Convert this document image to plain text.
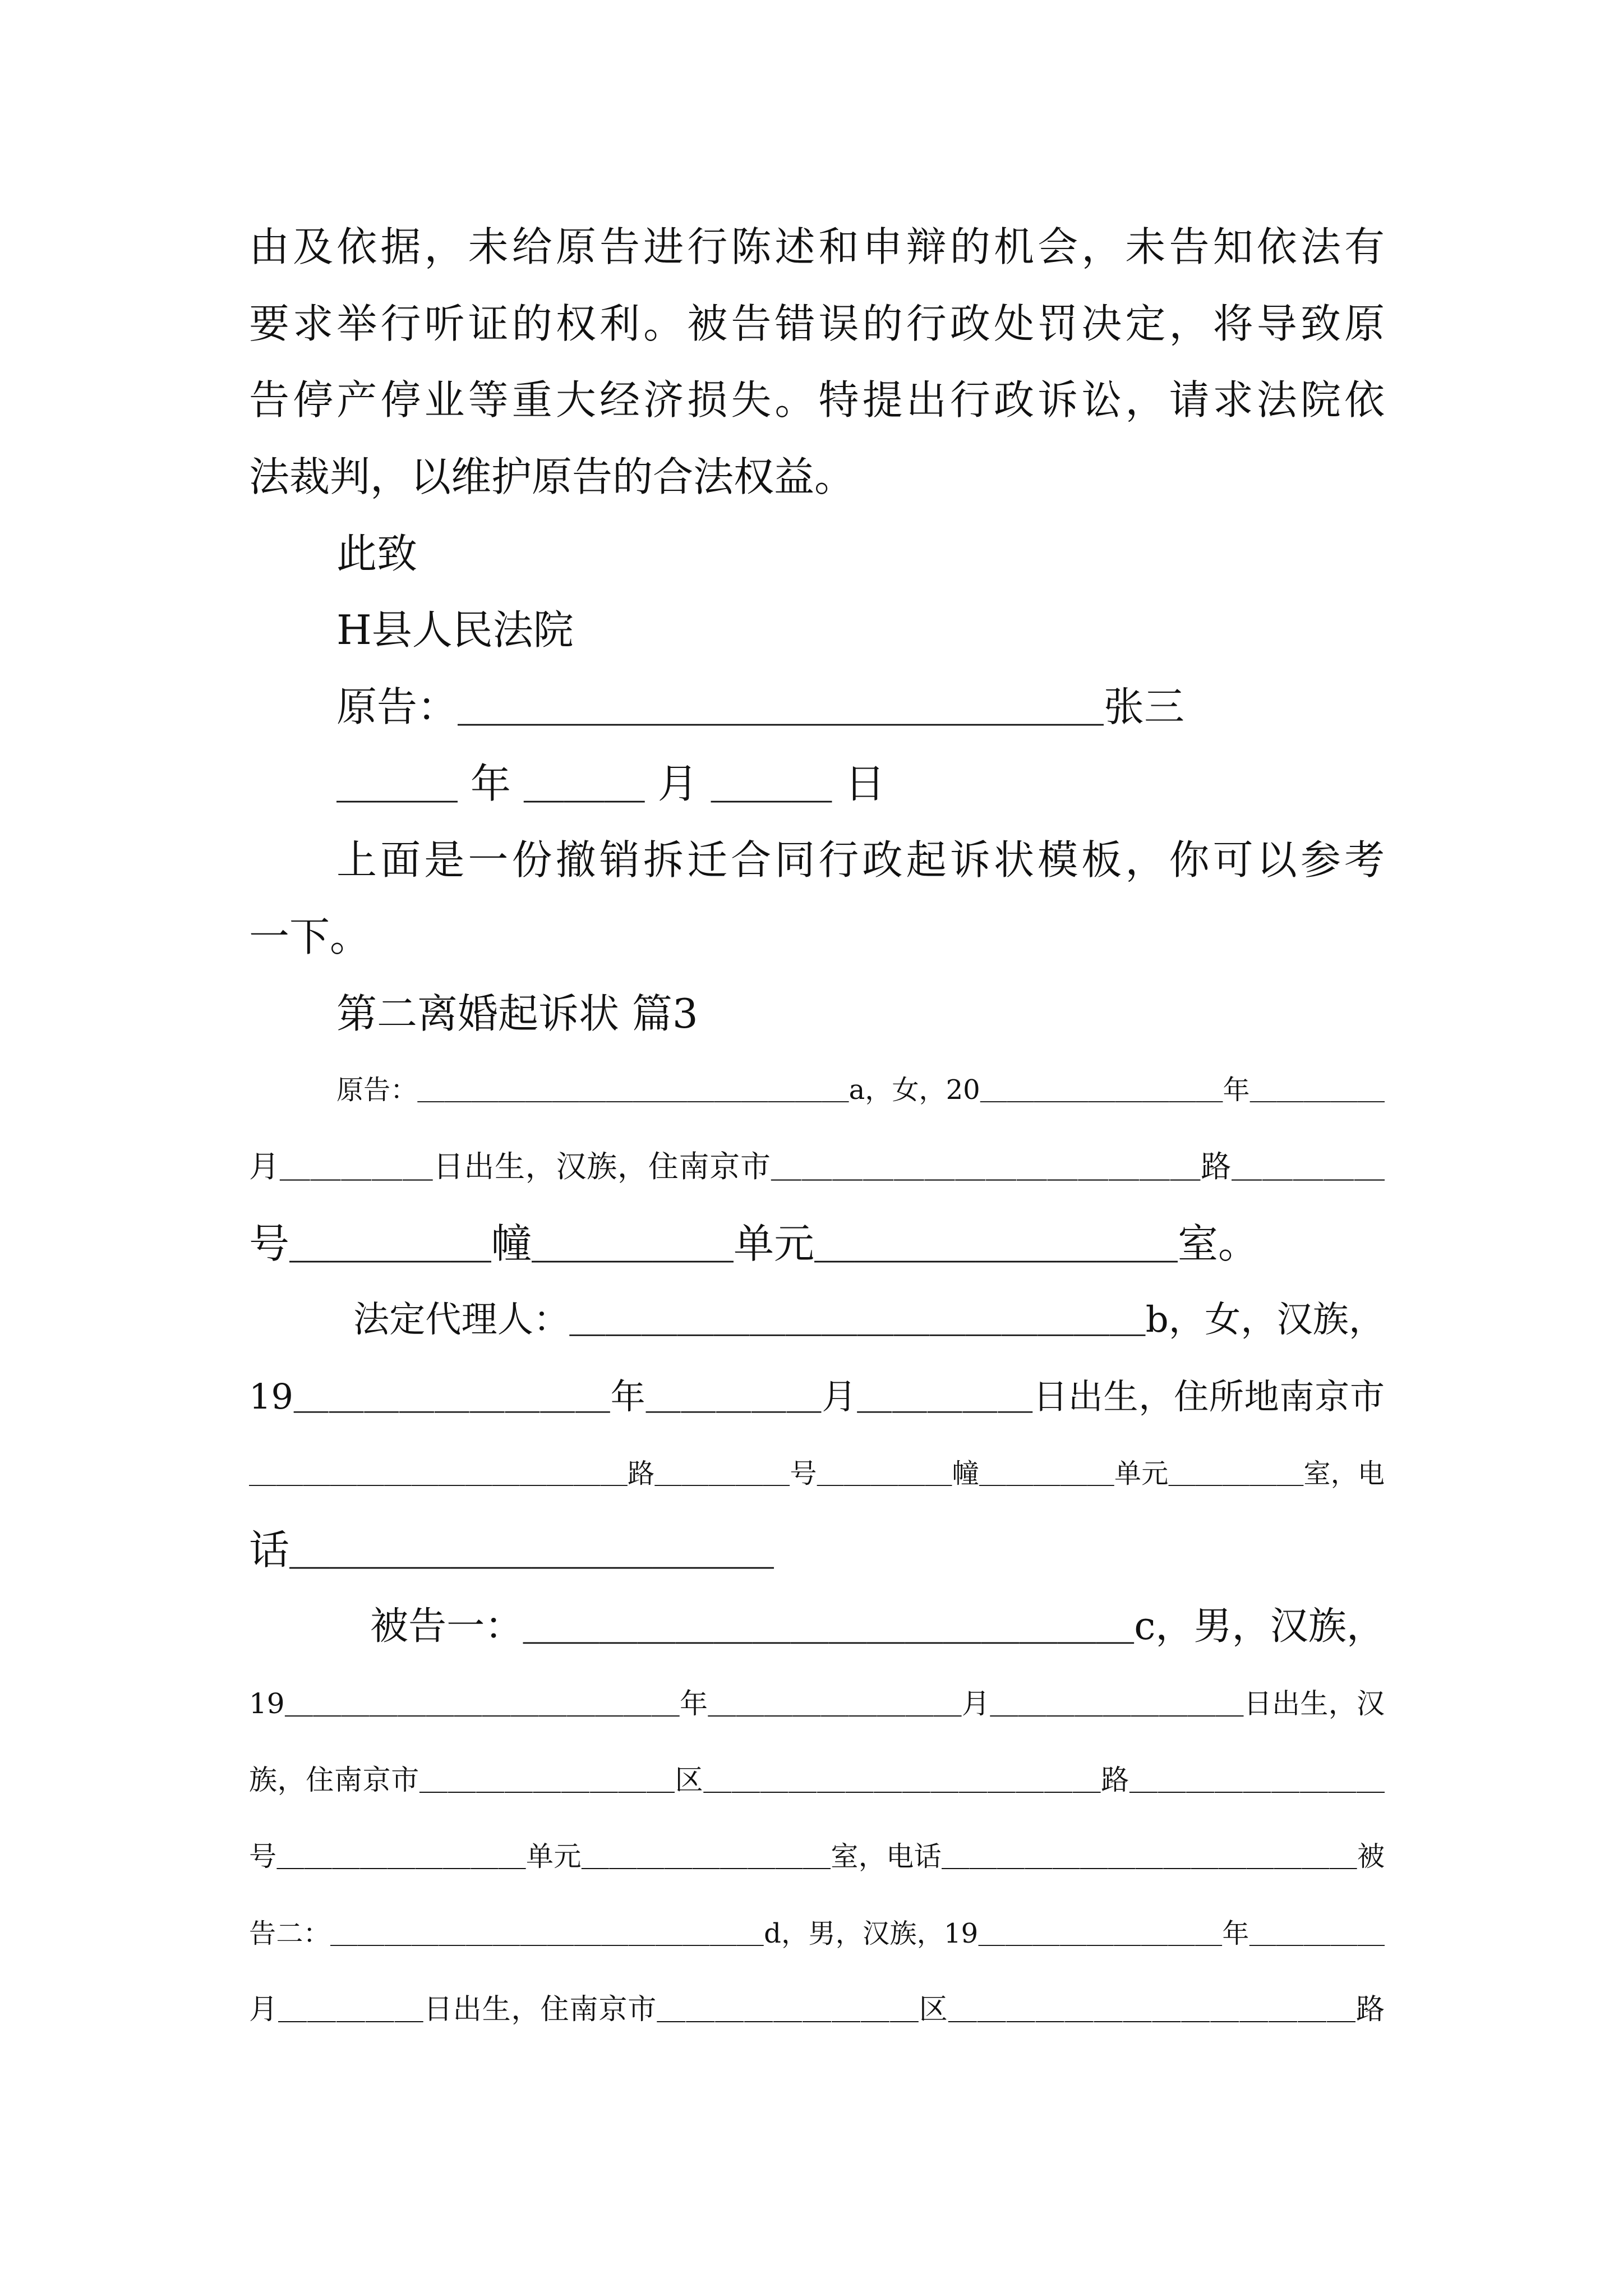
由及依据，未给原告进行陈述和申辩的机会，未告知依法有
要求举行听证的权利。被告错误的行政处罚决定，将导致原
告停产停业等重大经济损失。特提出行政诉讼，请求法院依
法裁判，以维护原告的合法权益。
此致
H县人民法院
原告：＿＿＿＿＿＿＿＿＿＿＿＿＿＿＿＿张三
＿＿＿ 年 ＿＿＿ 月 ＿＿＿ 日
上面是一份撤销拆迁合同行政起诉状模板，你可以参考
一下。
第二离婚起诉状 篇3
原告：＿＿＿＿＿＿＿＿＿＿＿＿＿＿＿＿a，女，20＿＿＿＿＿＿＿＿＿年＿＿＿＿＿
月＿＿＿＿＿日出生，汉族，住南京市＿＿＿＿＿＿＿＿＿＿＿＿＿＿路＿＿＿＿＿
号＿＿＿＿＿幢＿＿＿＿＿单元＿＿＿＿＿＿＿＿＿室。
法定代理人：＿＿＿＿＿＿＿＿＿＿＿＿＿＿＿＿b，女，汉族，
19＿＿＿＿＿＿＿＿＿年＿＿＿＿＿月＿＿＿＿＿日出生，住所地南京市
＿＿＿＿＿＿＿＿＿＿＿＿＿＿路＿＿＿＿＿号＿＿＿＿＿幢＿＿＿＿＿单元＿＿＿＿＿室，电
话＿＿＿＿＿＿＿＿＿＿＿＿
被告一：＿＿＿＿＿＿＿＿＿＿＿＿＿＿＿＿c，男，汉族，
19＿＿＿＿＿＿＿＿＿＿＿＿＿＿年＿＿＿＿＿＿＿＿＿月＿＿＿＿＿＿＿＿＿日出生，汉
族，住南京市＿＿＿＿＿＿＿＿＿区＿＿＿＿＿＿＿＿＿＿＿＿＿＿路＿＿＿＿＿＿＿＿＿
号＿＿＿＿＿＿＿＿＿单元＿＿＿＿＿＿＿＿＿室，电话＿＿＿＿＿＿＿＿＿＿＿＿＿＿＿被
告二：＿＿＿＿＿＿＿＿＿＿＿＿＿＿＿＿d，男，汉族，19＿＿＿＿＿＿＿＿＿年＿＿＿＿＿
月＿＿＿＿＿日出生，住南京市＿＿＿＿＿＿＿＿＿区＿＿＿＿＿＿＿＿＿＿＿＿＿＿路
